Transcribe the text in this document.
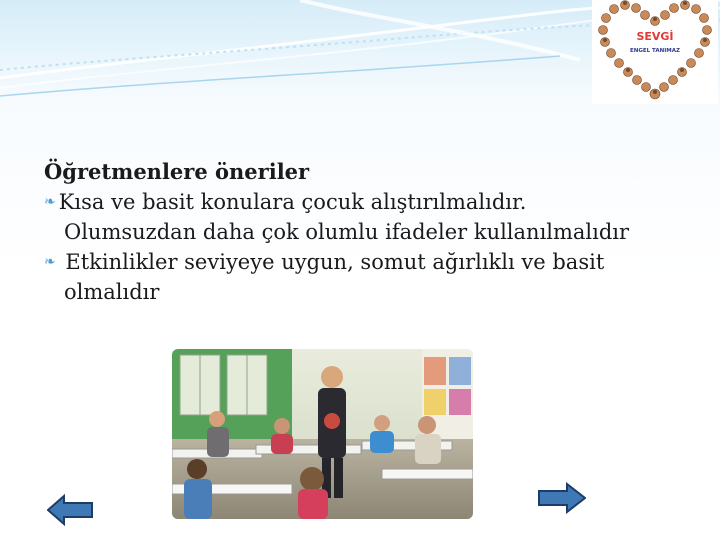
SEVGİ
ENGEL TANIMAZ
Öğretmenlere öneriler
❧ Kısa ve basit konulara çocuk alıştırılmalıdır.
Olumsuzdan daha çok olumlu ifadeler kullanılmalıdır
❧ Etkinlikler seviyeye uygun, somut ağırlıklı ve basit
olmalıdır
